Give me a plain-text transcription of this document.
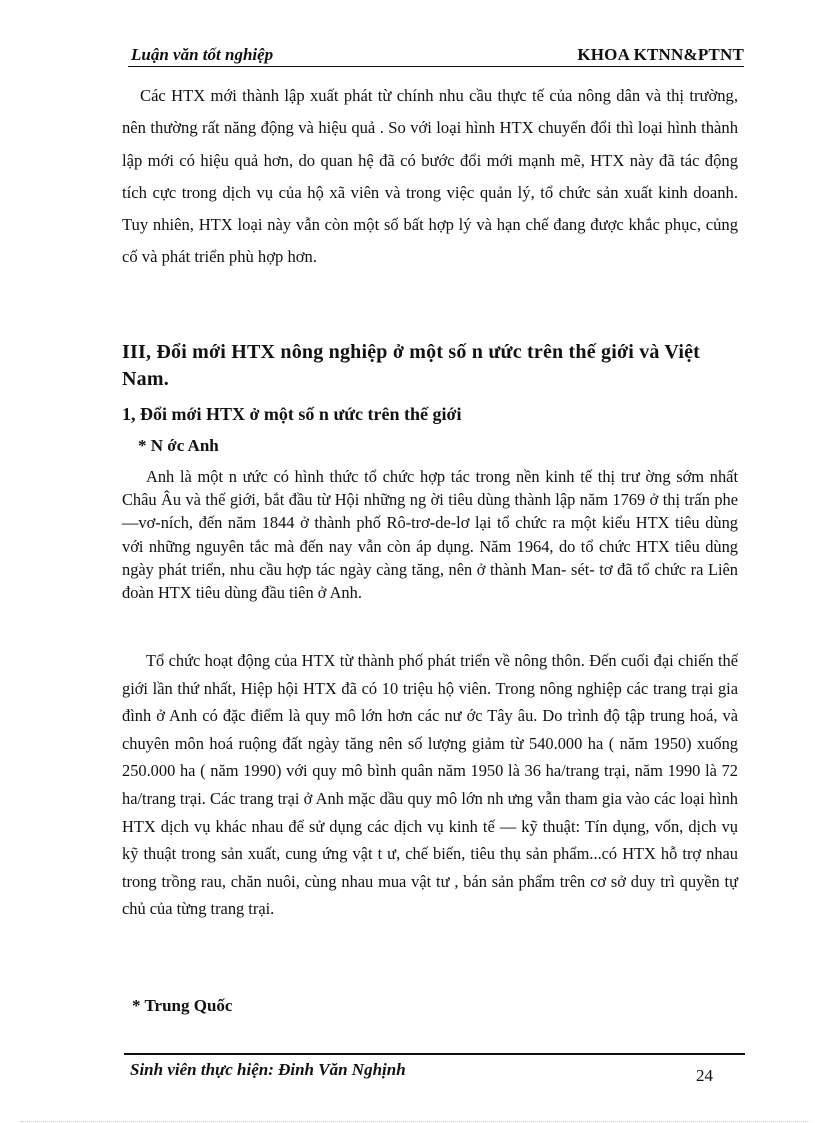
Luận văn tốt nghiệp	KHOA KTNN&PTNT
Các HTX mới thành lập xuất phát từ chính nhu cầu thực tế của nông dân và thị trường, nên thường rất năng động và hiệu quả . So với loại hình HTX chuyển đổi thì loại hình thành lập mới có hiệu quả hơn, do quan hệ đã có bước đổi mới mạnh mẽ, HTX này đã tác động tích cực trong dịch vụ của hộ xã viên và trong việc quản lý, tổ chức sản xuất kinh doanh. Tuy nhiên, HTX loại này vẫn còn một số bất hợp lý và hạn chế đang được khắc phục, củng cố và phát triển phù hợp hơn.
III, Đổi mới HTX nông nghiệp ở một số n ưức trên thế giới và Việt Nam.
1, Đổi mới HTX ở một số n ưức trên thế giới
* N ớc Anh
Anh là một n ưức có hình thức tổ chức hợp tác trong nền kinh tế thị trư ờng sớm nhất Châu Âu và thế giới, bắt đầu từ Hội những ng ời tiêu dùng thành lập năm 1769 ở thị trấn phe —vơ-ních, đến năm 1844 ở thành phố Rô-trơ-de-lơ lại tổ chức ra một kiểu HTX tiêu dùng với những nguyên tắc mà đến nay vẫn còn áp dụng. Năm 1964, do tổ chức HTX tiêu dùng ngày phát triển, nhu cầu hợp tác ngày càng tăng, nên ở thành Man- sét- tơ đã tổ chức ra Liên đoàn HTX tiêu dùng đầu tiên ở Anh.
Tổ chức hoạt động của HTX từ thành phố phát triển về nông thôn. Đến cuối đại chiến thế giới lần thứ nhất, Hiệp hội HTX đã có 10 triệu hộ viên. Trong nông nghiệp các trang trại gia đình ở Anh có đặc điểm là quy mô lớn hơn các nư ớc Tây âu. Do trình độ tập trung hoá, và chuyên môn hoá ruộng đất ngày tăng nên số lượng giảm từ 540.000 ha ( năm 1950) xuống 250.000 ha ( năm 1990) với quy mô bình quân năm 1950 là 36 ha/trang trại, năm 1990 là 72 ha/trang trại. Các trang trại ở Anh mặc dầu quy mô lớn nh ưng vẫn tham gia vào các loại hình HTX dịch vụ khác nhau để sử dụng các dịch vụ kinh tế — kỹ thuật: Tín dụng, vốn, dịch vụ kỹ thuật trong sản xuất, cung ứng vật t ư, chế biến, tiêu thụ sản phẩm...có HTX hỗ trợ nhau trong trồng rau, chăn nuôi, cùng nhau mua vật tư , bán sản phẩm trên cơ sở duy trì quyền tự chủ của từng trang trại.
* Trung Quốc
Sinh viên thực hiện: Đinh Văn Nghịnh	24
